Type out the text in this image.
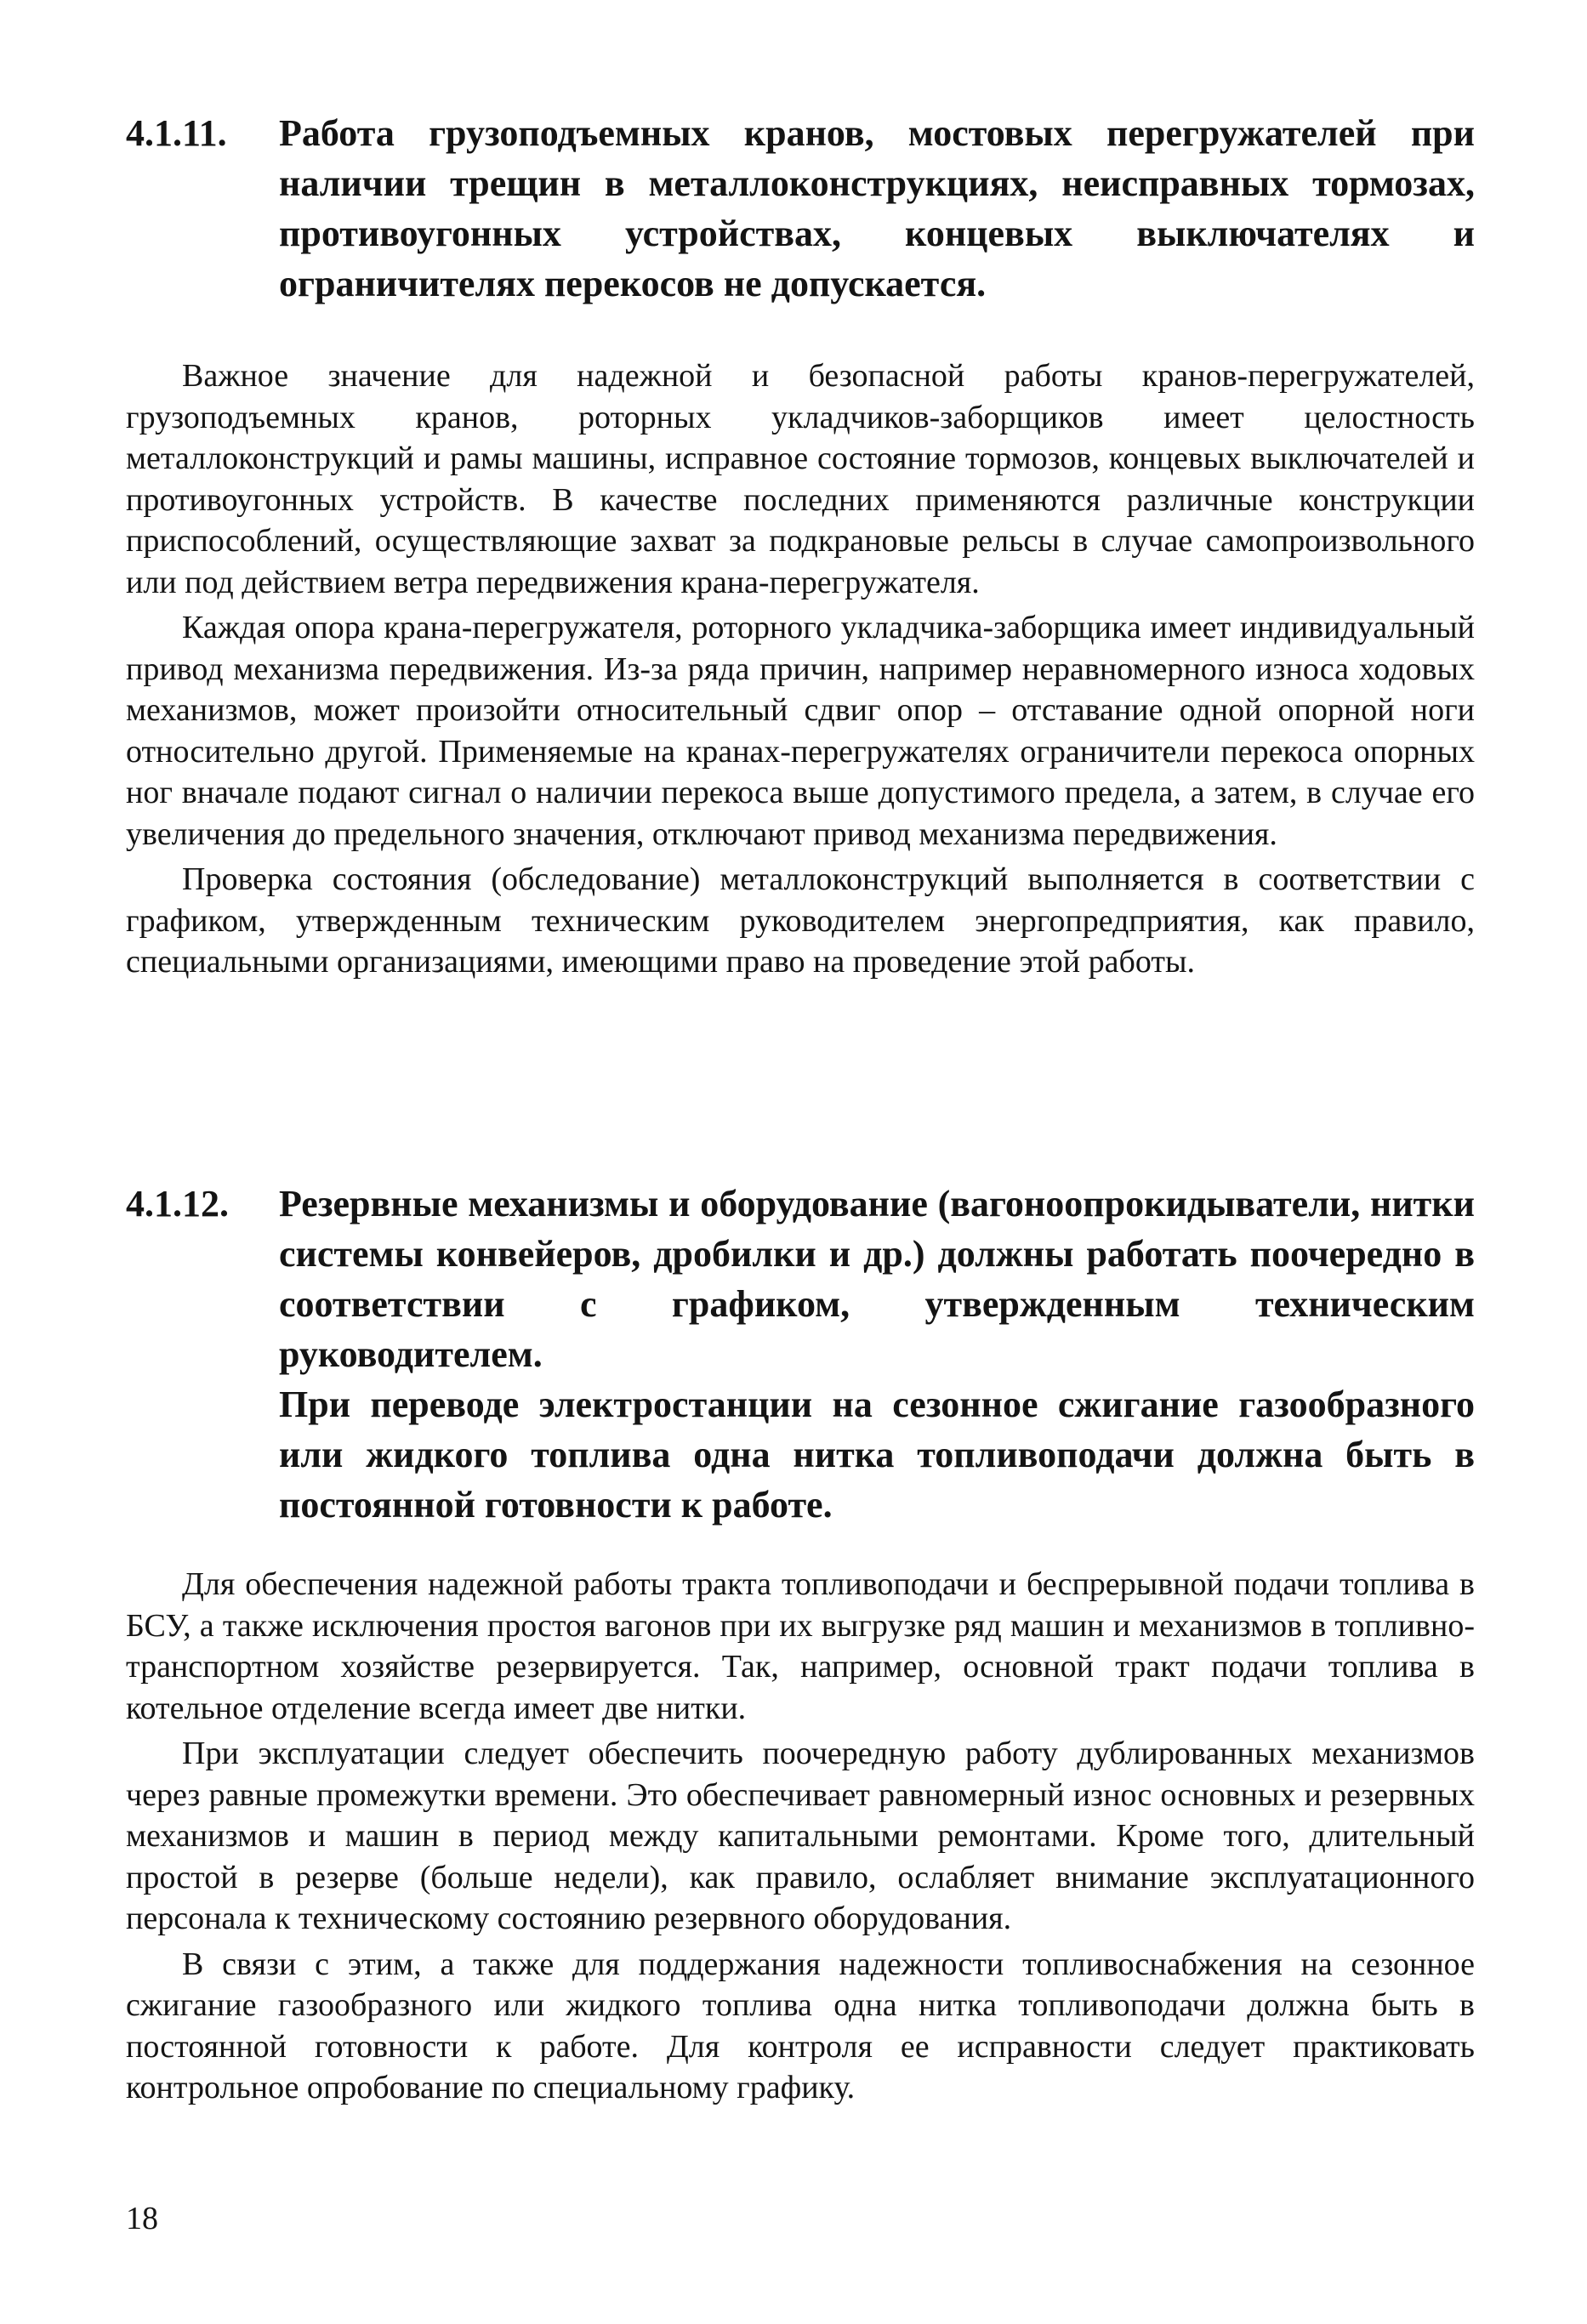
4.1.11. Работа грузоподъемных кранов, мостовых перегружателей при наличии трещин в металлоконструкциях, неисправных тормозах, противоугонных устройствах, концевых выключателях и ограничителях перекосов не допускается.

Важное значение для надежной и безопасной работы кранов-перегружателей, грузоподъемных кранов, роторных укладчиков-заборщиков имеет целостность металлоконструкций и рамы машины, исправное состояние тормозов, концевых выключателей и противоугонных устройств. В качестве последних применяются различные конструкции приспособлений, осуществляющие захват за подкрановые рельсы в случае самопроизвольного или под действием ветра передвижения крана-перегружателя.

Каждая опора крана-перегружателя, роторного укладчика-заборщика имеет индивидуальный привод механизма передвижения. Из-за ряда причин, например неравномерного износа ходовых механизмов, может произойти относительный сдвиг опор – отставание одной опорной ноги относительно другой. Применяемые на кранах-перегружателях ограничители перекоса опорных ног вначале подают сигнал о наличии перекоса выше допустимого предела, а затем, в случае его увеличения до предельного значения, отключают привод механизма передвижения.

Проверка состояния (обследование) металлоконструкций выполняется в соответствии с графиком, утвержденным техническим руководителем энергопредприятия, как правило, специальными организациями, имеющими право на проведение этой работы.

4.1.12. Резервные механизмы и оборудование (вагоноопрокидыватели, нитки системы конвейеров, дробилки и др.) должны работать поочередно в соответствии с графиком, утвержденным техническим руководителем.

При переводе электростанции на сезонное сжигание газообразного или жидкого топлива одна нитка топливоподачи должна быть в постоянной готовности к работе.

Для обеспечения надежной работы тракта топливоподачи и беспрерывной подачи топлива в БСУ, а также исключения простоя вагонов при их выгрузке ряд машин и механизмов в топливно-транспортном хозяйстве резервируется. Так, например, основной тракт подачи топлива в котельное отделение всегда имеет две нитки.

При эксплуатации следует обеспечить поочередную работу дублированных механизмов через равные промежутки времени. Это обеспечивает равномерный износ основных и резервных механизмов и машин в период между капитальными ремонтами. Кроме того, длительный простой в резерве (больше недели), как правило, ослабляет внимание эксплуатационного персонала к техническому состоянию резервного оборудования.

В связи с этим, а также для поддержания надежности топливоснабжения на сезонное сжигание газообразного или жидкого топлива одна нитка топливоподачи должна быть в постоянной готовности к работе. Для контроля ее исправности следует практиковать контрольное опробование по специальному графику.

18
